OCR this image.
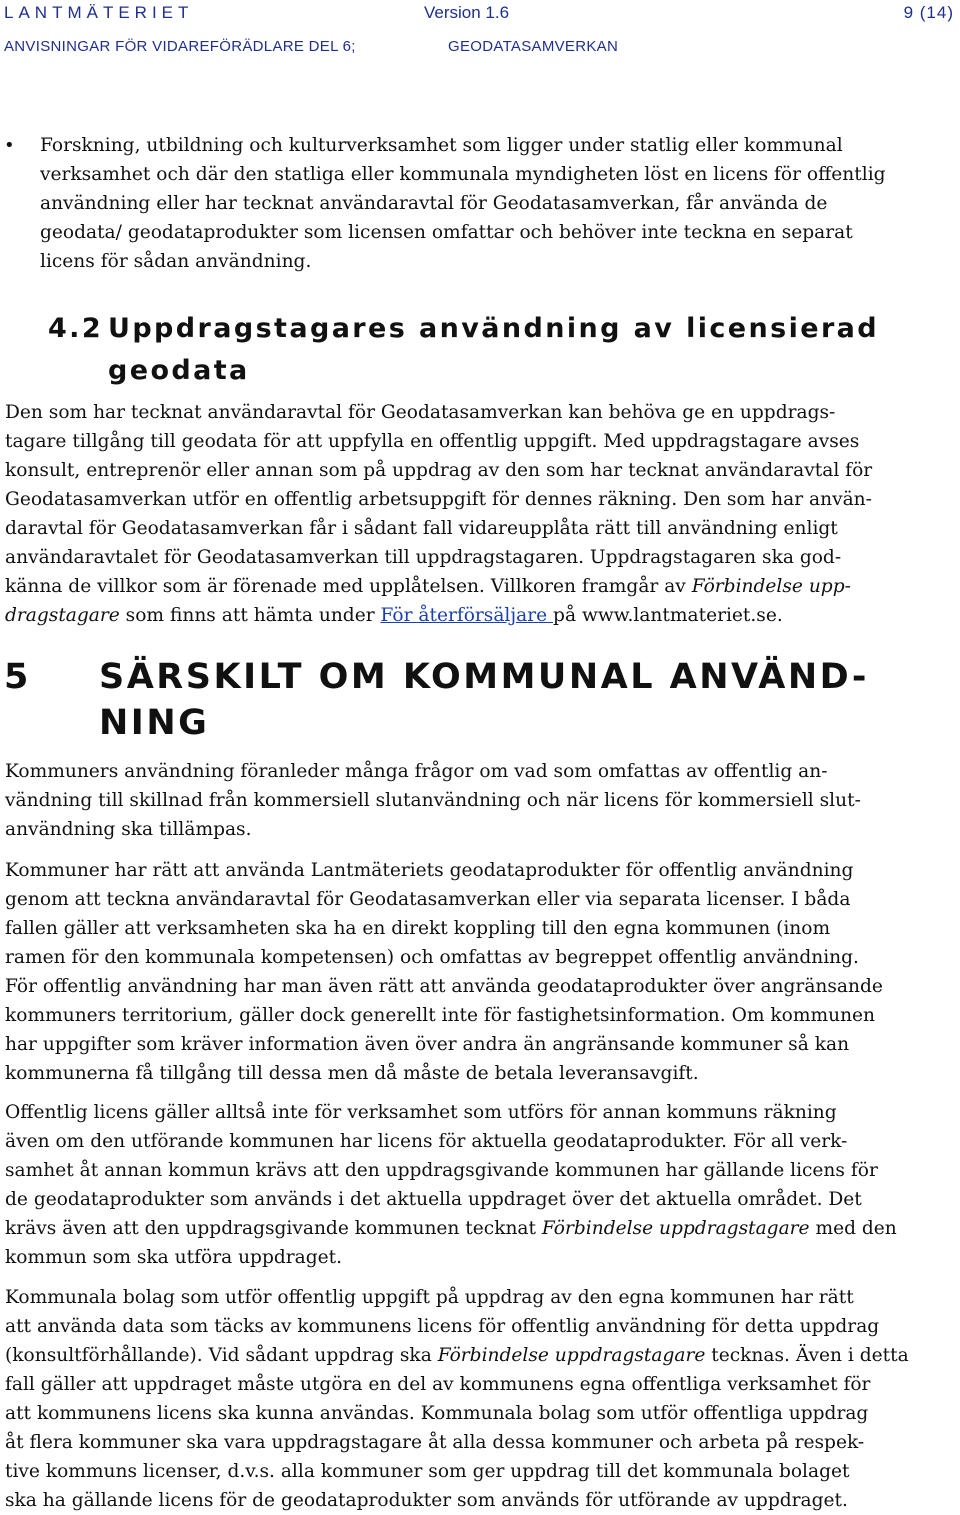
LANTMÄTERIET	Version 1.6	9 (14)
ANVISNINGAR FÖR VIDAREFÖRÄDLARE DEL 6;	GEODATASAMVERKAN
• Forskning, utbildning och kulturverksamhet som ligger under statlig eller kommunal
verksamhet och där den statliga eller kommunala myndigheten löst en licens för offentlig
användning eller har tecknat användaravtal för Geodatasamverkan, får använda de
geodata/ geodataprodukter som licensen omfattar och behöver inte teckna en separat
licens för sådan användning.
4.2 Uppdragstagares användning av licensierad
geodata
Den som har tecknat användaravtal för Geodatasamverkan kan behöva ge en uppdrags-
tagare tillgång till geodata för att uppfylla en offentlig uppgift. Med uppdragstagare avses
konsult, entreprenör eller annan som på uppdrag av den som har tecknat användaravtal för
Geodatasamverkan utför en offentlig arbetsuppgift för dennes räkning. Den som har använ-
daravtal för Geodatasamverkan får i sådant fall vidareupplåta rätt till användning enligt
användaravtalet för Geodatasamverkan till uppdragstagaren. Uppdragstagaren ska god-
känna de villkor som är förenade med upplåtelsen. Villkoren framgår av Förbindelse upp-
dragstagare som finns att hämta under För återförsäljare på www.lantmateriet.se.
5 SÄRSKILT OM KOMMUNAL ANVÄND-
NING
Kommuners användning föranleder många frågor om vad som omfattas av offentlig an-
vändning till skillnad från kommersiell slutanvändning och när licens för kommersiell slut-
användning ska tillämpas.
Kommuner har rätt att använda Lantmäteriets geodataprodukter för offentlig användning
genom att teckna användaravtal för Geodatasamverkan eller via separata licenser. I båda
fallen gäller att verksamheten ska ha en direkt koppling till den egna kommunen (inom
ramen för den kommunala kompetensen) och omfattas av begreppet offentlig användning.
För offentlig användning har man även rätt att använda geodataprodukter över angränsande
kommuners territorium, gäller dock generellt inte för fastighetsinformation. Om kommunen
har uppgifter som kräver information även över andra än angränsande kommuner så kan
kommunerna få tillgång till dessa men då måste de betala leveransavgift.
Offentlig licens gäller alltså inte för verksamhet som utförs för annan kommuns räkning
även om den utförande kommunen har licens för aktuella geodataprodukter. För all verk-
samhet åt annan kommun krävs att den uppdragsgivande kommunen har gällande licens för
de geodataprodukter som används i det aktuella uppdraget över det aktuella området. Det
krävs även att den uppdragsgivande kommunen tecknat Förbindelse uppdragstagare med den
kommun som ska utföra uppdraget.
Kommunala bolag som utför offentlig uppgift på uppdrag av den egna kommunen har rätt
att använda data som täcks av kommunens licens för offentlig användning för detta uppdrag
(konsultförhållande). Vid sådant uppdrag ska Förbindelse uppdragstagare tecknas. Även i detta
fall gäller att uppdraget måste utgöra en del av kommunens egna offentliga verksamhet för
att kommunens licens ska kunna användas. Kommunala bolag som utför offentliga uppdrag
åt flera kommuner ska vara uppdragstagare åt alla dessa kommuner och arbeta på respek-
tive kommuns licenser, d.v.s. alla kommuner som ger uppdrag till det kommunala bolaget
ska ha gällande licens för de geodataprodukter som används för utförande av uppdraget.
